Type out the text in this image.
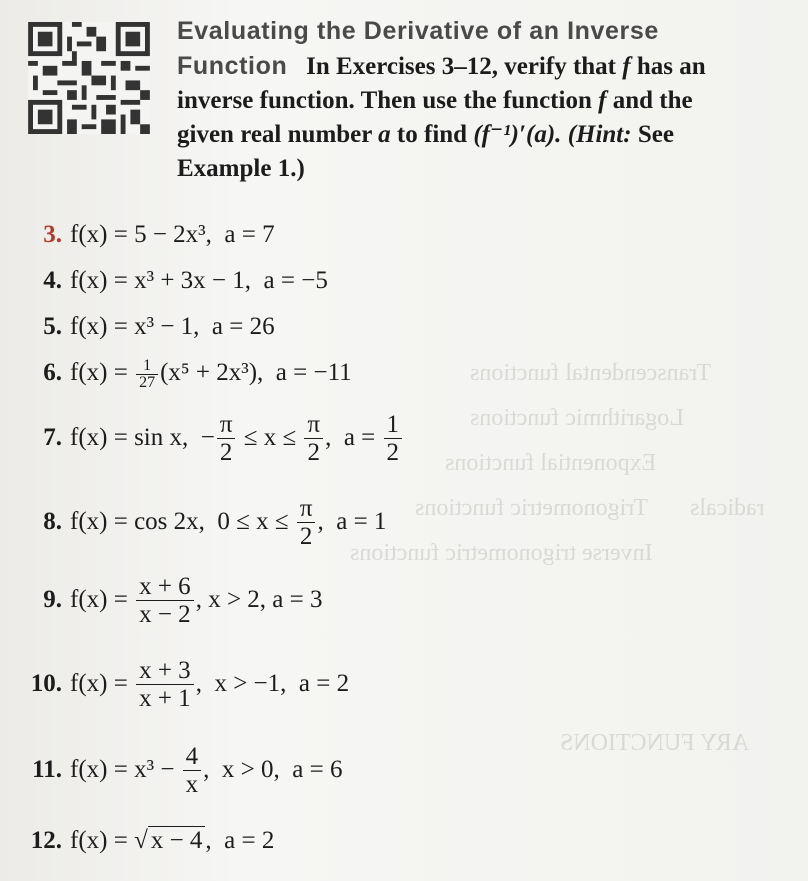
Transcendental functions
Logarithmic functions
Exponential functions
Trigonometric functions
Inverse trigonometric functions
radicals
ARY FUNCTIONS
Evaluating the Derivative of an Inverse
Function In Exercises 3–12, verify that f has an
inverse function. Then use the function f and the
given real number a to find (f⁻¹)′(a). (Hint: See
Example 1.)
3. f(x) = 5 − 2x³, a = 7
4. f(x) = x³ + 3x − 1, a = −5
5. f(x) = x³ − 1, a = 26
6. $f(x) = \frac{1}{27} (x^5 + 2x^3)$, a = −11
7. f(x) = sin x, − $\frac{\pi}{2} \le x \le \frac{\pi}{2}$ ,  $a = \frac{1}{2}$
8. f(x) = cos 2x, $0 \le x \le \frac{\pi}{2}$ ,  a = 1
9. $f(x) = \frac{x + 6}{x - 2}$ , x > 2, a = 3
10. $f(x) = \frac{x + 3}{x + 1}$ ,  x > −1, a = 2
11. $f(x) = x^3 - \frac{4}{x}$ ,  x > 0, a = 6
12. f(x) = √ x − 4 ,  a = 2
